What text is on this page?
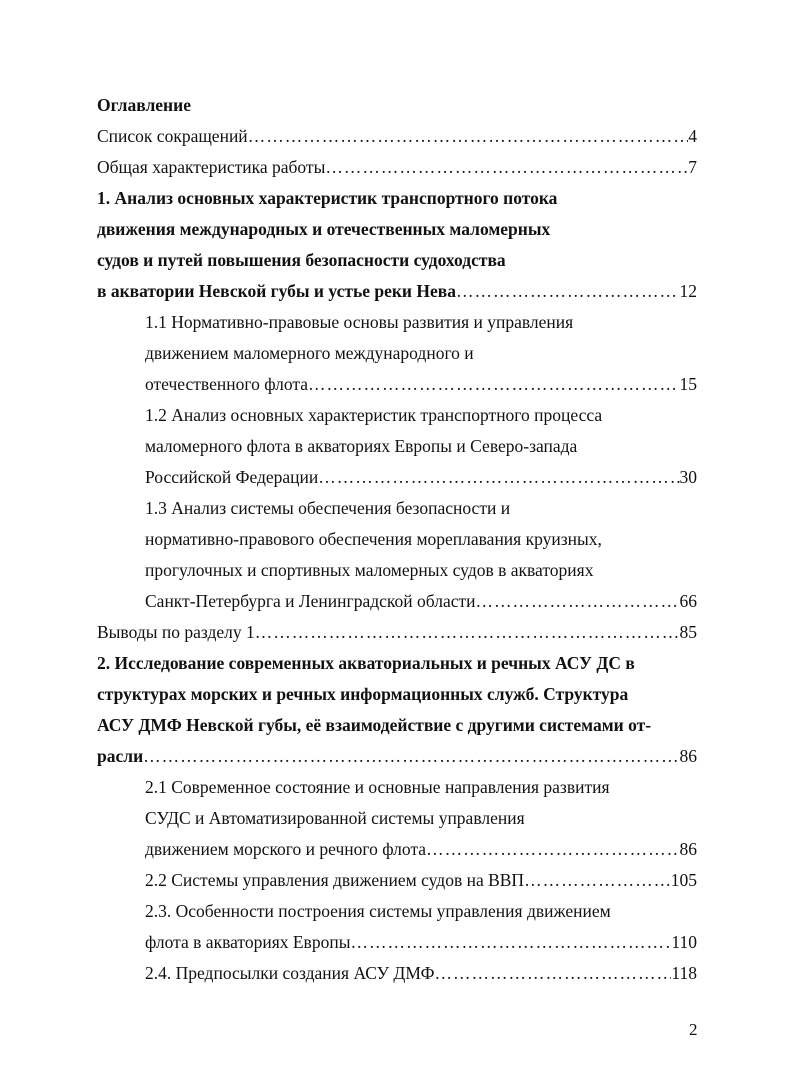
Оглавление
Список сокращений …………………………………………………………………………………………………………………………………………	4
Общая характеристика работы …………………………………………………………………………………………………………………………………………	7
1. Анализ основных характеристик транспортного потока
движения международных и отечественных маломерных
судов и путей повышения безопасности судоходства
в акватории Невской губы и устье реки Нева …………………………………………………………………………………………………………………………………………	12
1.1 Нормативно-правовые основы развития и управления
движением маломерного международного и
отечественного флота …………………………………………………………………………………………………………………………………………	15
1.2 Анализ основных характеристик транспортного процесса
маломерного флота в акваториях Европы и Северо-запада
Российской Федерации …………………………………………………………………………………………………………………………………………	30
1.3 Анализ системы обеспечения безопасности и
нормативно-правового обеспечения мореплавания круизных,
прогулочных и спортивных маломерных судов в акваториях
Санкт-Петербурга и Ленинградской области …………………………………………………………………………………………………………………………………………	66
Выводы по разделу 1 …………………………………………………………………………………………………………………………………………	85
2. Исследование современных акваториальных и речных АСУ ДС в
структурах морских и речных информационных служб. Структура
АСУ ДМФ Невской губы, её взаимодействие с другими системами от-
расли …………………………………………………………………………………………………………………………………………	86
2.1 Современное состояние и основные направления развития
СУДС и Автоматизированной системы управления
движением морского и речного флота …………………………………………………………………………………………………………………………………………	86
2.2 Системы управления движением судов на ВВП …………………………………………………………………………………………………………………………………………	105
2.3. Особенности построения системы управления движением
флота в акваториях Европы …………………………………………………………………………………………………………………………………………	110
2.4. Предпосылки создания АСУ ДМФ …………………………………………………………………………………………………………………………………………	118
2
